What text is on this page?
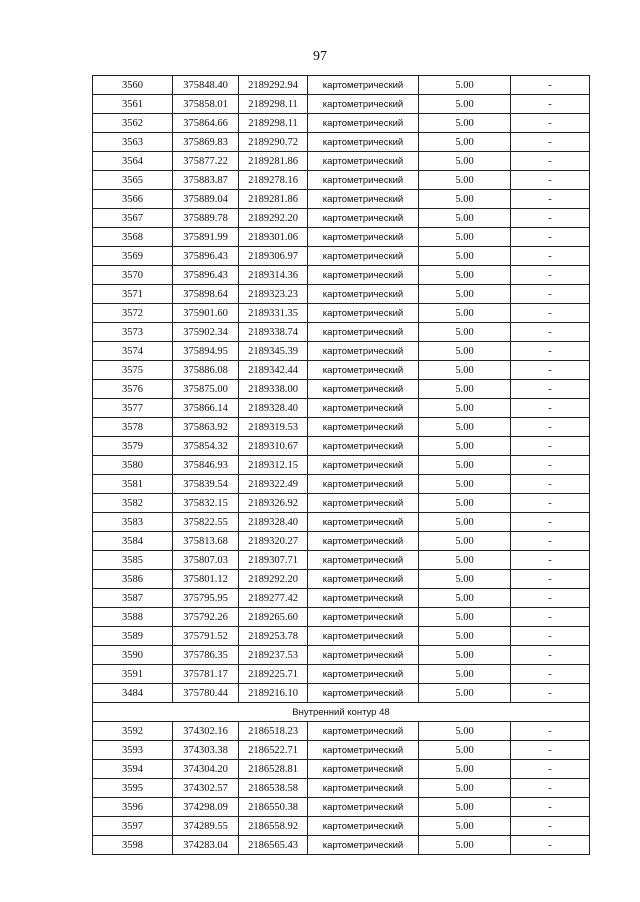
97
3560	375848.40	2189292.94	картометрический	5.00	-
3561	375858.01	2189298.11	картометрический	5.00	-
3562	375864.66	2189298.11	картометрический	5.00	-
3563	375869.83	2189290.72	картометрический	5.00	-
3564	375877.22	2189281.86	картометрический	5.00	-
3565	375883.87	2189278.16	картометрический	5.00	-
3566	375889.04	2189281.86	картометрический	5.00	-
3567	375889.78	2189292.20	картометрический	5.00	-
3568	375891.99	2189301.06	картометрический	5.00	-
3569	375896.43	2189306.97	картометрический	5.00	-
3570	375896.43	2189314.36	картометрический	5.00	-
3571	375898.64	2189323.23	картометрический	5.00	-
3572	375901.60	2189331.35	картометрический	5.00	-
3573	375902.34	2189338.74	картометрический	5.00	-
3574	375894.95	2189345.39	картометрический	5.00	-
3575	375886.08	2189342.44	картометрический	5.00	-
3576	375875.00	2189338.00	картометрический	5.00	-
3577	375866.14	2189328.40	картометрический	5.00	-
3578	375863.92	2189319.53	картометрический	5.00	-
3579	375854.32	2189310.67	картометрический	5.00	-
3580	375846.93	2189312.15	картометрический	5.00	-
3581	375839.54	2189322.49	картометрический	5.00	-
3582	375832.15	2189326.92	картометрический	5.00	-
3583	375822.55	2189328.40	картометрический	5.00	-
3584	375813.68	2189320.27	картометрический	5.00	-
3585	375807.03	2189307.71	картометрический	5.00	-
3586	375801.12	2189292.20	картометрический	5.00	-
3587	375795.95	2189277.42	картометрический	5.00	-
3588	375792.26	2189265.60	картометрический	5.00	-
3589	375791.52	2189253.78	картометрический	5.00	-
3590	375786.35	2189237.53	картометрический	5.00	-
3591	375781.17	2189225.71	картометрический	5.00	-
3484	375780.44	2189216.10	картометрический	5.00	-
Внутренний контур 48					
3592	374302.16	2186518.23	картометрический	5.00	-
3593	374303.38	2186522.71	картометрический	5.00	-
3594	374304.20	2186528.81	картометрический	5.00	-
3595	374302.57	2186538.58	картометрический	5.00	-
3596	374298.09	2186550.38	картометрический	5.00	-
3597	374289.55	2186558.92	картометрический	5.00	-
3598	374283.04	2186565.43	картометрический	5.00	-
